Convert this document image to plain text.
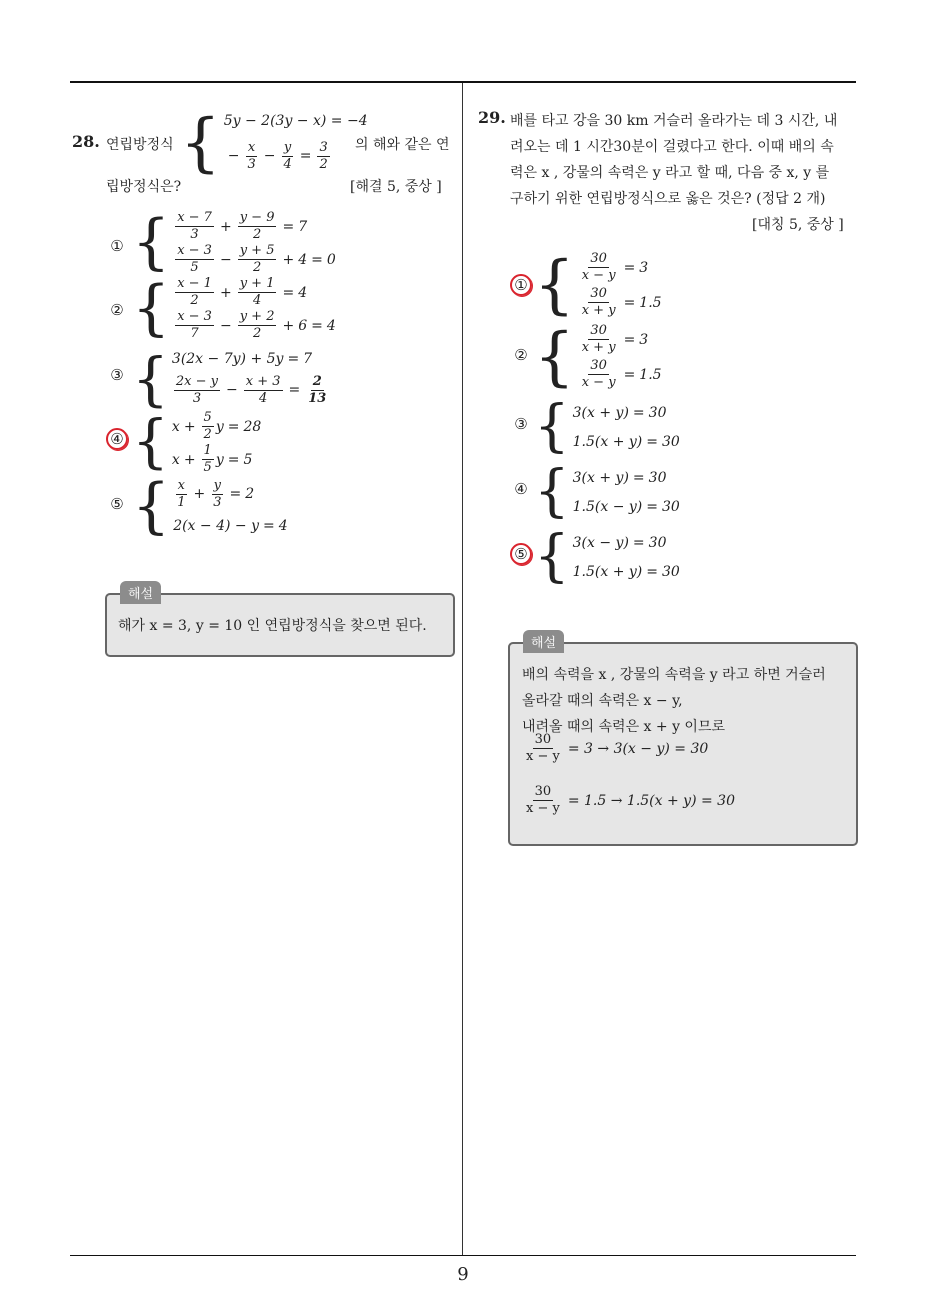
9
28. 연립방정식 { 5y − 2(3y − x) = −4
− $\frac{x}{3} - \frac{y}{4} = \frac{3}{2}$ 의 해와 같은 연
립방정식은?	[해결 5, 중상 ]
① { $\frac{x - 7}{3} + \frac{y - 9}{2} = 7$
$\frac{x - 3}{5} - \frac{y + 5}{2} + 4 = 0$
② { $\frac{x - 1}{2} + \frac{y + 1}{4} = 4$
$\frac{x - 3}{7} - \frac{y + 2}{2} + 6 = 4$
③ { 3(2x − 7y) + 5y = 7
$\frac{2x - y}{3} - \frac{x + 3}{4} = \frac{2}{13}$
④ { $x + \frac{5}{2}$ y = 28
$x + \frac{1}{5}$ y = 5
⑤ { $\frac{x}{1} + \frac{y}{3} = 2$
2(x − 4) − y = 4
해설
해가 x = 3, y = 10 인 연립방정식을 찾으면 된다.
29. 배를 타고 강을 30 km 거슬러 올라가는 데 3 시간, 내
려오는 데 1 시간30분이 걸렸다고 한다. 이때 배의 속
력은 x , 강물의 속력은 y 라고 할 때, 다음 중 x, y 를
구하기 위한 연립방정식으로 옳은 것은? (정답 2 개)
[대칭 5, 중상 ]
① { $\frac{30}{x - y} = 3$
$\frac{30}{x + y} = 1.5$
② { $\frac{30}{x + y} = 3$
$\frac{30}{x - y} = 1.5$
③ { 3(x + y) = 30
1.5(x + y) = 30
④ { 3(x + y) = 30
1.5(x − y) = 30
⑤ { 3(x − y) = 30
1.5(x + y) = 30
해설
배의 속력을 x , 강물의 속력을 y 라고 하면 거슬러
올라갈 때의 속력은 x − y,
내려올 때의 속력은 x + y 이므로
$\frac{30}{x - y} = 3 \to 3(x - y) = 30$
$\frac{30}{x - y} = 1.5 \to 1.5(x + y) = 30$
